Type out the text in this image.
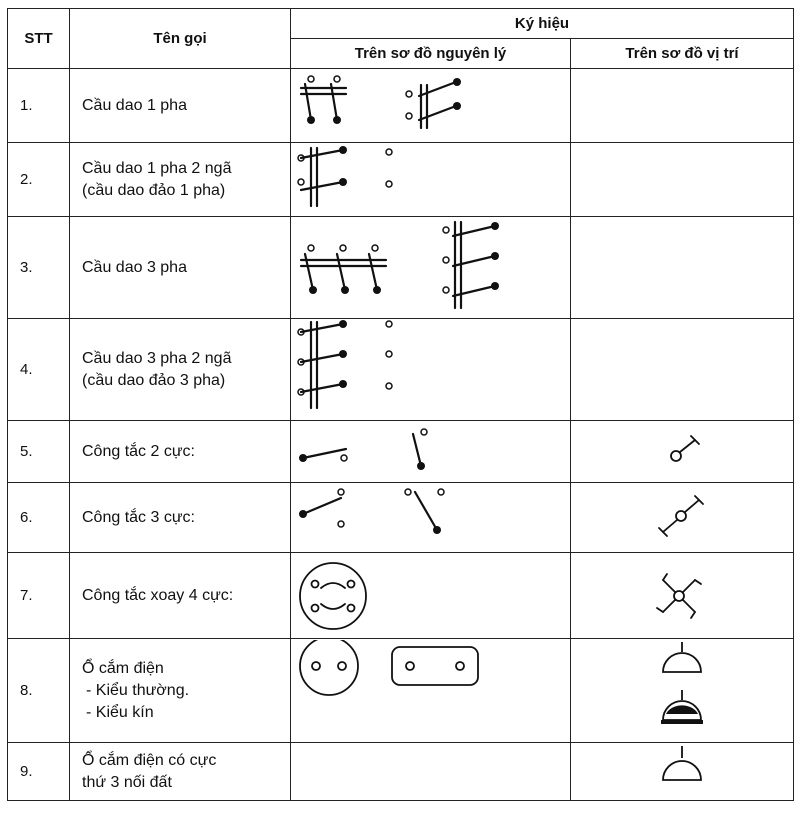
STT	Tên gọi	Ký hiệu	
		Trên sơ đồ nguyên lý	Trên sơ đồ vị trí
1.	Cầu dao 1 pha

2.	Cầu dao 1 pha 2 ngã
(cầu dao đảo 1 pha)

3.	Cầu dao 3 pha

4.	Cầu dao 3 pha 2 ngã
(cầu dao đảo 3 pha)

5.	Công tắc 2 cực:

6.	Công tắc 3 cực:

7.	Công tắc xoay 4 cực:

8.	Ổ cắm điện
- Kiểu thường.
- Kiểu kín

9.	Ổ cắm điện có cực
thứ 3 nối đất
